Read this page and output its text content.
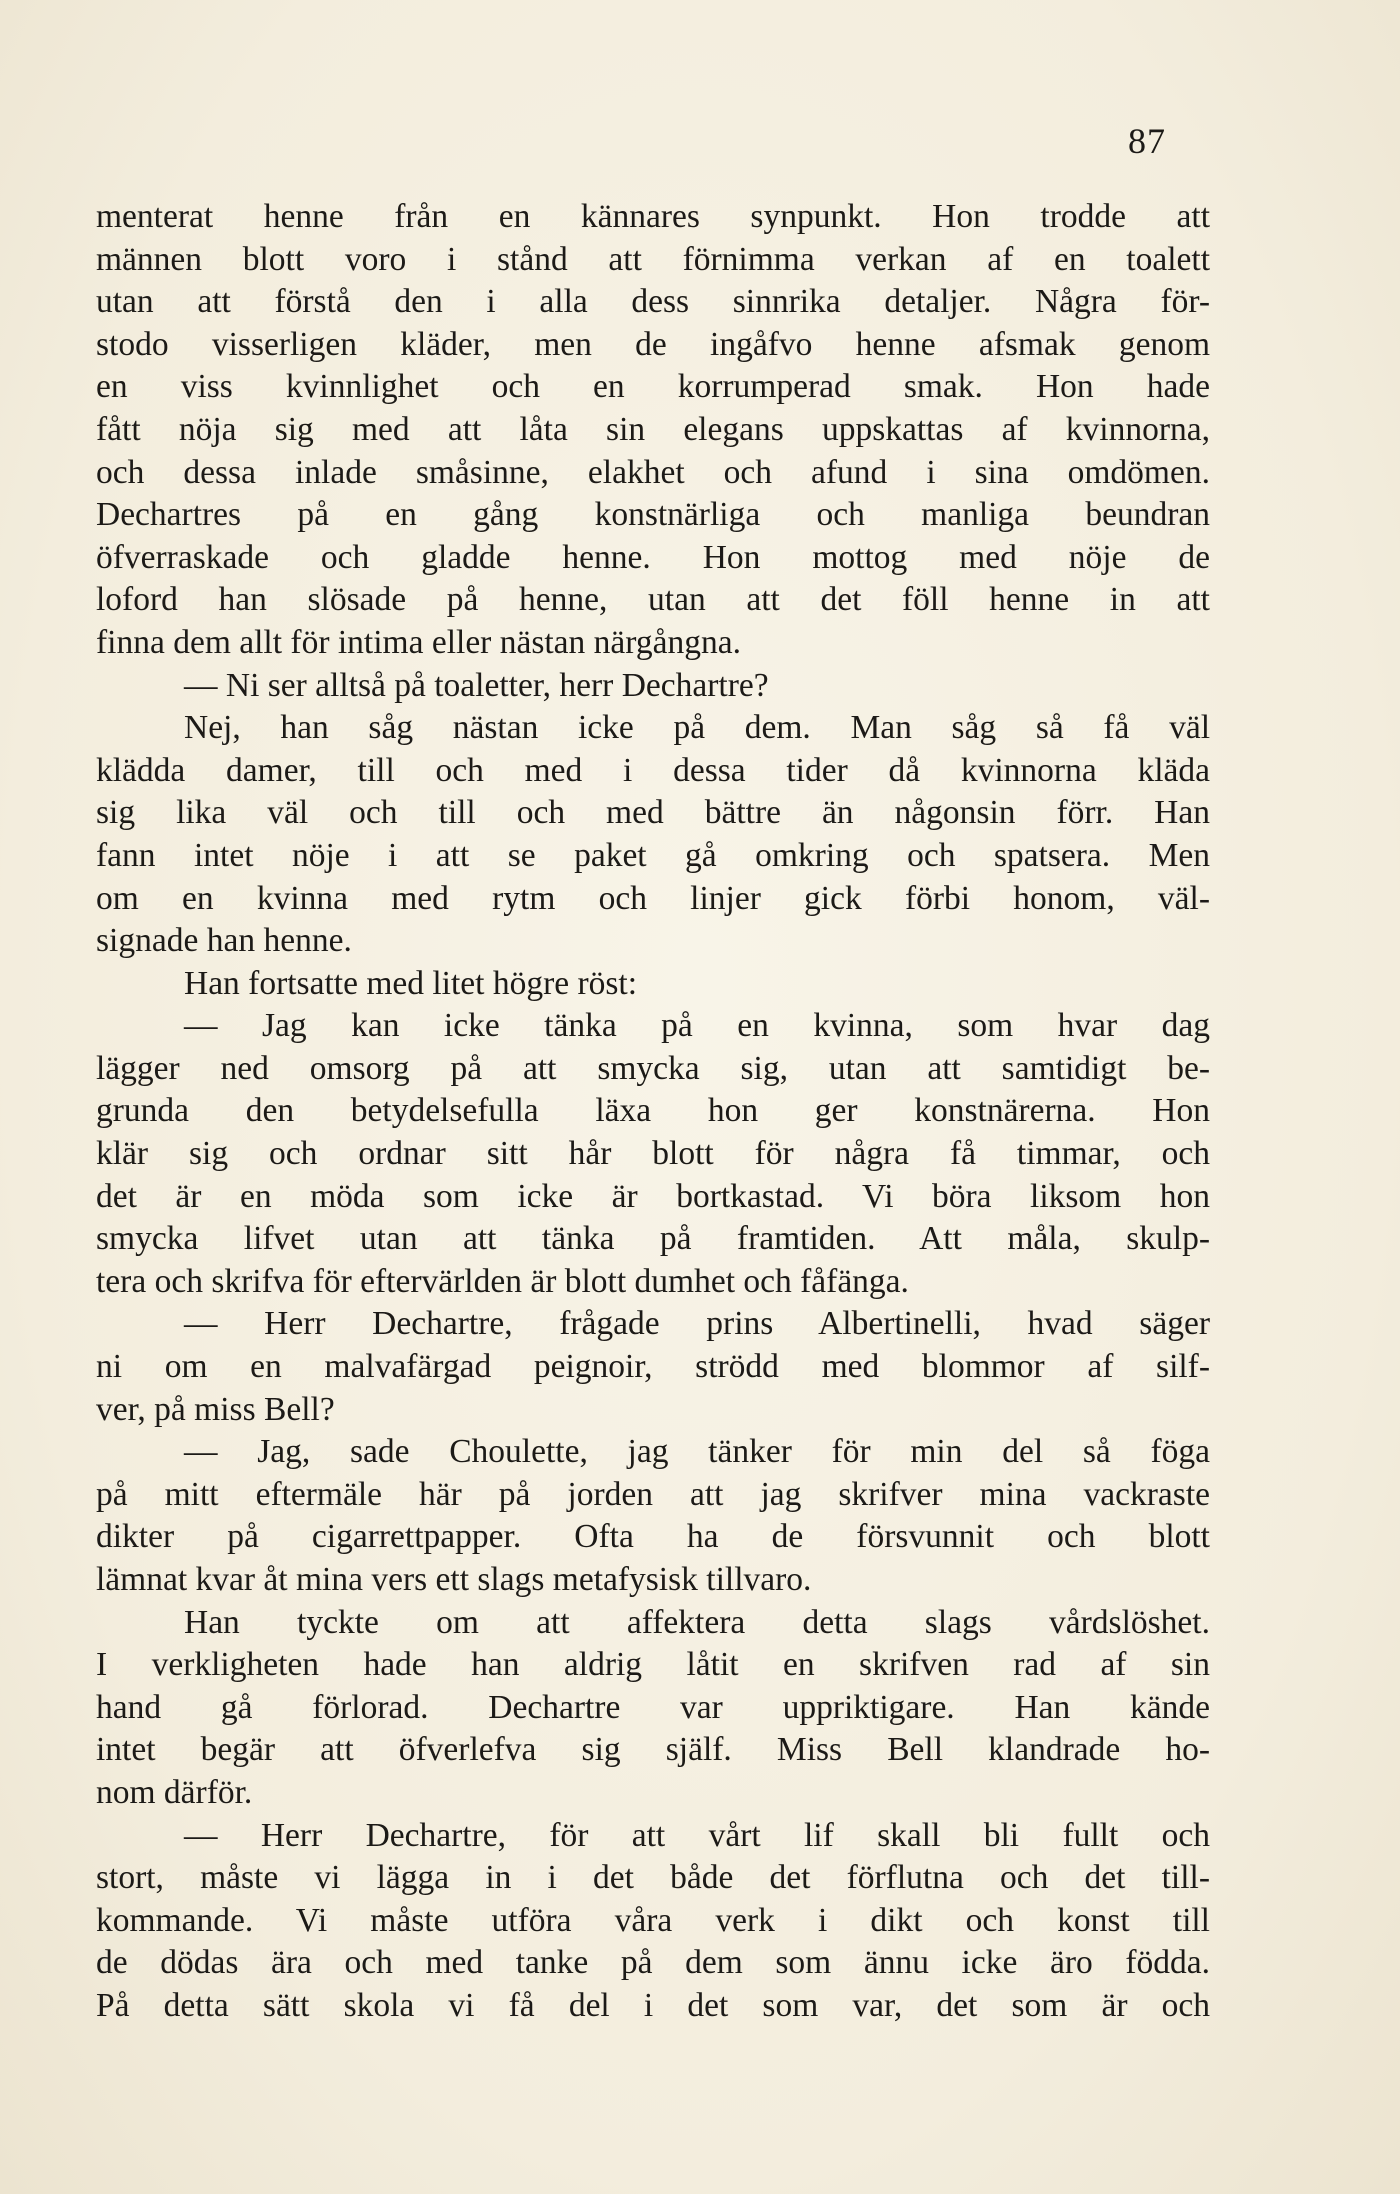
87
menterat henne från en kännares synpunkt. Hon trodde att
männen blott voro i stånd att förnimma verkan af en toalett
utan att förstå den i alla dess sinnrika detaljer. Några för-
stodo visserligen kläder, men de ingåfvo henne afsmak genom
en viss kvinnlighet och en korrumperad smak. Hon hade
fått nöja sig med att låta sin elegans uppskattas af kvinnorna,
och dessa inlade småsinne, elakhet och afund i sina omdömen.
Dechartres på en gång konstnärliga och manliga beundran
öfverraskade och gladde henne. Hon mottog med nöje de
loford han slösade på henne, utan att det föll henne in att
finna dem allt för intima eller nästan närgångna.
— Ni ser alltså på toaletter, herr Dechartre?
Nej, han såg nästan icke på dem. Man såg så få väl
klädda damer, till och med i dessa tider då kvinnorna kläda
sig lika väl och till och med bättre än någonsin förr. Han
fann intet nöje i att se paket gå omkring och spatsera. Men
om en kvinna med rytm och linjer gick förbi honom, väl-
signade han henne.
Han fortsatte med litet högre röst:
— Jag kan icke tänka på en kvinna, som hvar dag
lägger ned omsorg på att smycka sig, utan att samtidigt be-
grunda den betydelsefulla läxa hon ger konstnärerna. Hon
klär sig och ordnar sitt hår blott för några få timmar, och
det är en möda som icke är bortkastad. Vi böra liksom hon
smycka lifvet utan att tänka på framtiden. Att måla, skulp-
tera och skrifva för eftervärlden är blott dumhet och fåfänga.
— Herr Dechartre, frågade prins Albertinelli, hvad säger
ni om en malvafärgad peignoir, strödd med blommor af silf-
ver, på miss Bell?
— Jag, sade Choulette, jag tänker för min del så föga
på mitt eftermäle här på jorden att jag skrifver mina vackraste
dikter på cigarrettpapper. Ofta ha de försvunnit och blott
lämnat kvar åt mina vers ett slags metafysisk tillvaro.
Han tyckte om att affektera detta slags vårdslöshet.
I verkligheten hade han aldrig låtit en skrifven rad af sin
hand gå förlorad. Dechartre var uppriktigare. Han kände
intet begär att öfverlefva sig själf. Miss Bell klandrade ho-
nom därför.
— Herr Dechartre, för att vårt lif skall bli fullt och
stort, måste vi lägga in i det både det förflutna och det till-
kommande. Vi måste utföra våra verk i dikt och konst till
de dödas ära och med tanke på dem som ännu icke äro födda.
På detta sätt skola vi få del i det som var, det som är och
